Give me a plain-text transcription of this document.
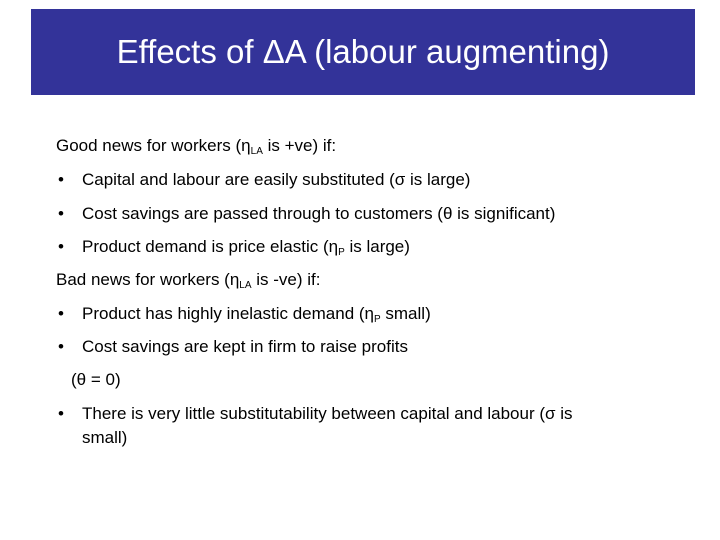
Effects of ΔA (labour augmenting)
Good news for workers ($\eta_{LA}$ is +ve) if:
• Capital and labour are easily substituted (σ is large)
• Cost savings are passed through to customers (θ is significant)
• Product demand is price elastic ($\eta_P$ is large)
Bad news for workers ($\eta_{LA}$ is -ve) if:
• Product has highly inelastic demand ($\eta_P$ small)
• Cost savings are kept in firm to raise profits
(θ = 0)
• There is very little substitutability between capital and labour (σ is
small)
